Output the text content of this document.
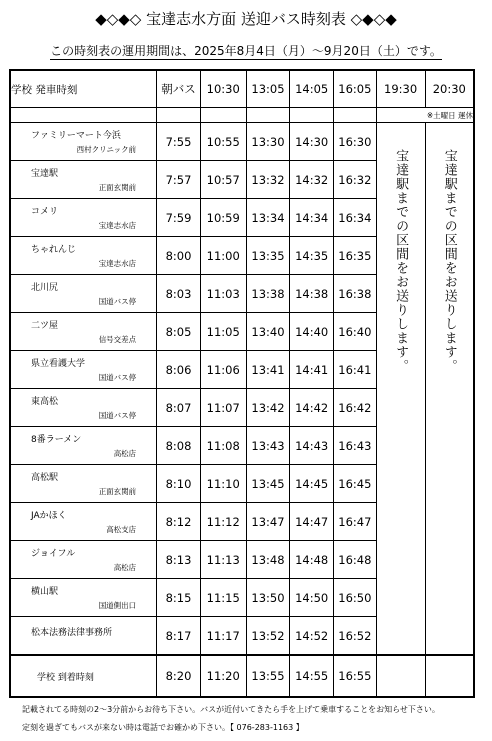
◆◇◆◇ 宝達志水方面 送迎バス時刻表 ◇◆◇◆
この時刻表の運用期間は、2025年8月4日（月）～9月20日（土）です。
学校 発車時刻	朝バス	10:30	13:05	14:05	16:05	19:30	20:30
						※土曜日 運休	

ファミリーマート今浜
西村クリニック前	7:55	10:55	13:30	14:30	16:30	宝達駅までの区間をお送りします。	宝達駅までの区間をお送りします。

宝達駅
正面玄関前	7:57	10:57	13:32	14:32	16:32		

コメリ
宝達志水店	7:59	10:59	13:34	14:34	16:34		

ちゃれんじ
宝達志水店	8:00	11:00	13:35	14:35	16:35		

北川尻
国道バス停	8:03	11:03	13:38	14:38	16:38		

二ツ屋
信号交差点	8:05	11:05	13:40	14:40	16:40		

県立看護大学
国道バス停	8:06	11:06	13:41	14:41	16:41		

東高松
国道バス停	8:07	11:07	13:42	14:42	16:42		

8番ラーメン
高松店	8:08	11:08	13:43	14:43	16:43		

高松駅
正面玄関前	8:10	11:10	13:45	14:45	16:45		

JAかほく
高松支店	8:12	11:12	13:47	14:47	16:47		

ジョイフル
高松店	8:13	11:13	13:48	14:48	16:48		

横山駅
国道側出口	8:15	11:15	13:50	14:50	16:50		

松本法務法律事務所	8:17	11:17	13:52	14:52	16:52		

学校 到着時刻	8:20	11:20	13:55	14:55	16:55		
記載されてる時刻の2～3分前からお待ち下さい。バスが近付いてきたら手を上げて乗車することをお知らせ下さい。
定刻を過ぎてもバスが来ない時は電話でお確かめ下さい。【 076-283-1163 】
